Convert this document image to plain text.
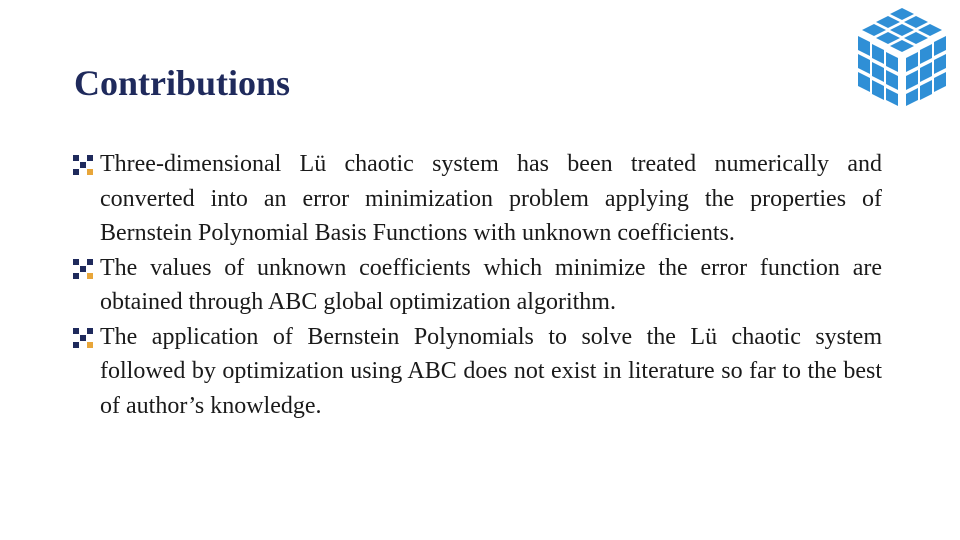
Contributions
Three-dimensional Lü chaotic system has been treated numerically and converted into an error minimization problem applying the properties of Bernstein Polynomial Basis Functions with unknown coefficients.
The values of unknown coefficients which minimize the error function are obtained through ABC global optimization algorithm.
The application of Bernstein Polynomials to solve the Lü chaotic system followed by optimization using ABC does not exist in literature so far to the best of author’s knowledge.
